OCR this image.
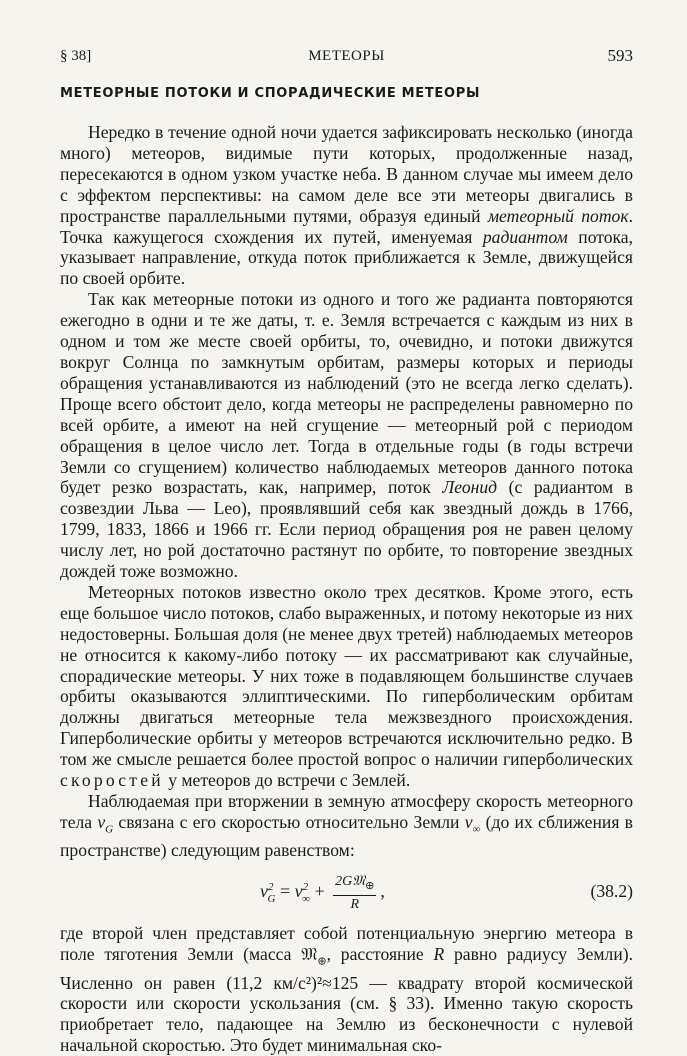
§ 38]	МЕТЕОРЫ	593
МЕТЕОРНЫЕ ПОТОКИ И СПОРАДИЧЕСКИЕ МЕТЕОРЫ

Нередко в течение одной ночи удается зафиксировать несколько (иногда много) метеоров, видимые пути которых, продолженные назад, пересекаются в одном узком участке неба. В данном случае мы имеем дело с эффектом перспективы: на самом деле все эти метеоры двигались в пространстве параллельными путями, образуя единый метеорный поток. Точка кажущегося схождения их путей, именуемая радиантом потока, указывает направление, откуда поток приближается к Земле, движущейся по своей орбите.

Так как метеорные потоки из одного и того же радианта повторяются ежегодно в одни и те же даты, т. е. Земля встречается с каждым из них в одном и том же месте своей орбиты, то, очевидно, и потоки движутся вокруг Солнца по замкнутым орбитам, размеры которых и периоды обращения устанавливаются из наблюдений (это не всегда легко сделать). Проще всего обстоит дело, когда метеоры не распределены равномерно по всей орбите, а имеют на ней сгущение — метеорный рой с периодом обращения в целое число лет. Тогда в отдельные годы (в годы встречи Земли со сгущением) количество наблюдаемых метеоров данного потока будет резко возрастать, как, например, поток Леонид (с радиантом в созвездии Льва — Leo), проявлявший себя как звездный дождь в 1766, 1799, 1833, 1866 и 1966 гг. Если период обращения роя не равен целому числу лет, но рой достаточно растянут по орбите, то повторение звездных дождей тоже возможно.

Метеорных потоков известно около трех десятков. Кроме этого, есть еще большое число потоков, слабо выраженных, и потому некоторые из них недостоверны. Большая доля (не менее двух третей) наблюдаемых метеоров не относится к какому-либо потоку — их рассматривают как случайные, спорадические метеоры. У них тоже в подавляющем большинстве случаев орбиты оказываются эллиптическими. По гиперболическим орбитам должны двигаться метеорные тела межзвездного происхождения. Гиперболические орбиты у метеоров встречаются исключительно редко. В том же смысле решается более простой вопрос о наличии гиперболических скоростей у метеоров до встречи с Землей.

Наблюдаемая при вторжении в земную атмосферу скорость метеорного тела $v_G$ связана с его скоростью относительно Земли $v_\infty$ (до их сближения в пространстве) следующим равенством:

$v^2_G = v^2_\infty + \frac{2G𝔐_\oplus}{R}$ ,	(38.2)

где второй член представляет собой потенциальную энергию метеора в поле тяготения Земли (масса 𝔐$_\oplus$, расстояние R равно радиусу Земли). Численно он равен (11,2 км/с²)²≈125 — квадрату второй космической скорости или скорости ускользания (см. § 33). Именно такую скорость приобретает тело, падающее на Землю из бесконечности с нулевой начальной скоростью. Это будет минимальная ско-
